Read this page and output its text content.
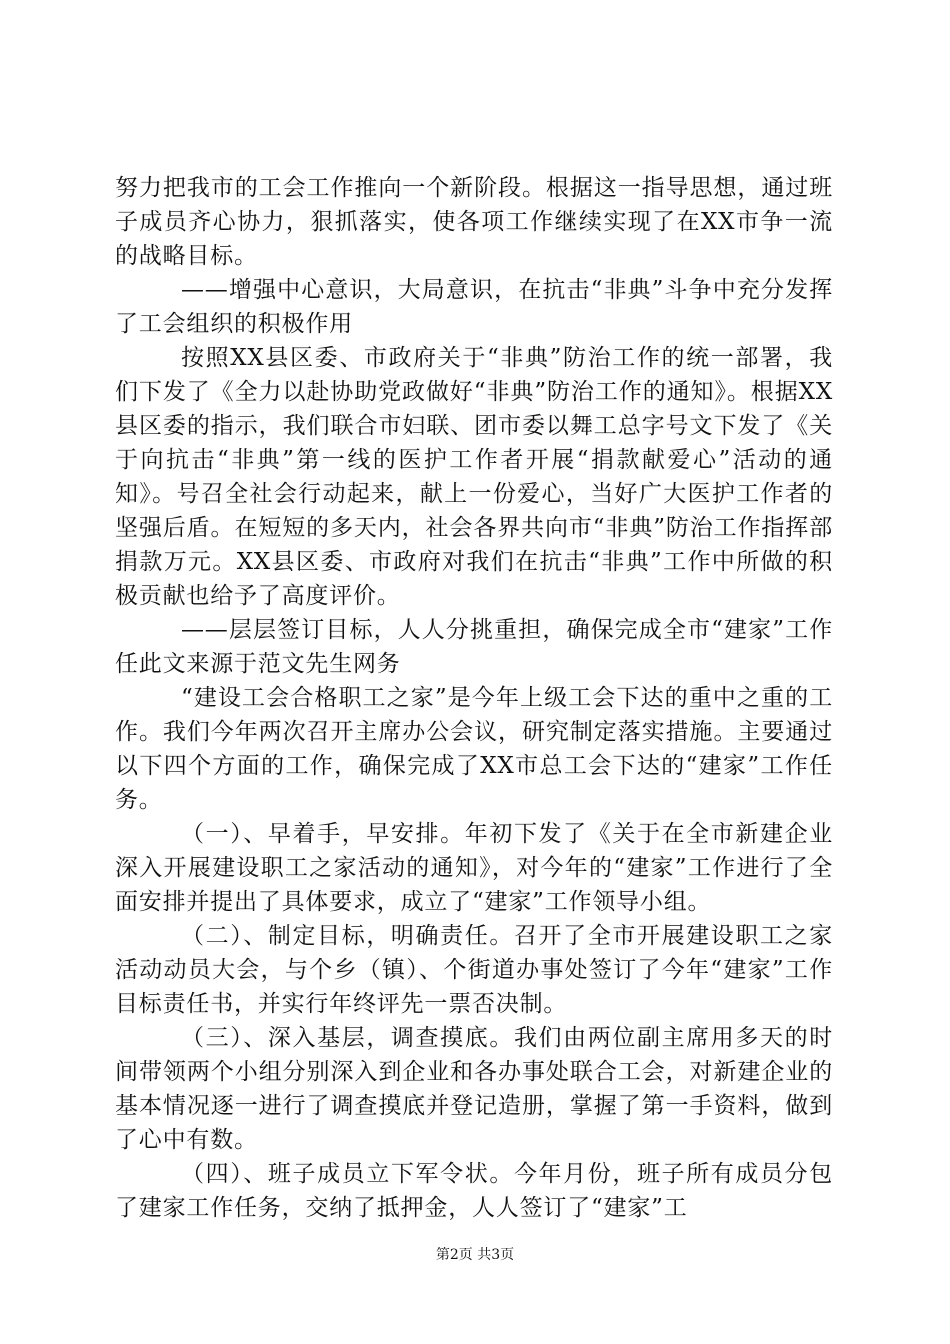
努力把我市的工会工作推向一个新阶段。根据这一指导思想，通过班子成员齐心协力，狠抓落实，使各项工作继续实现了在XX市争一流的战略目标。

——增强中心意识，大局意识，在抗击“非典”斗争中充分发挥了工会组织的积极作用

按照XX县区委、市政府关于“非典”防治工作的统一部署，我们下发了《全力以赴协助党政做好“非典”防治工作的通知》。根据XX县区委的指示，我们联合市妇联、团市委以舞工总字号文下发了《关于向抗击“非典”第一线的医护工作者开展“捐款献爱心”活动的通知》。号召全社会行动起来，献上一份爱心，当好广大医护工作者的坚强后盾。在短短的多天内，社会各界共向市“非典”防治工作指挥部捐款万元。XX县区委、市政府对我们在抗击“非典”工作中所做的积极贡献也给予了高度评价。

——层层签订目标，人人分挑重担，确保完成全市“建家”工作任此文来源于范文先生网务

“建设工会合格职工之家”是今年上级工会下达的重中之重的工作。我们今年两次召开主席办公会议，研究制定落实措施。主要通过以下四个方面的工作，确保完成了XX市总工会下达的“建家”工作任务。

（一）、早着手，早安排。年初下发了《关于在全市新建企业深入开展建设职工之家活动的通知》，对今年的“建家”工作进行了全面安排并提出了具体要求，成立了“建家”工作领导小组。

（二）、制定目标，明确责任。召开了全市开展建设职工之家活动动员大会，与个乡（镇）、个街道办事处签订了今年“建家”工作目标责任书，并实行年终评先一票否决制。

（三）、深入基层，调查摸底。我们由两位副主席用多天的时间带领两个小组分别深入到企业和各办事处联合工会，对新建企业的基本情况逐一进行了调查摸底并登记造册，掌握了第一手资料，做到了心中有数。

（四）、班子成员立下军令状。今年月份，班子所有成员分包了建家工作任务，交纳了抵押金，人人签订了“建家”工

第2页 共3页
